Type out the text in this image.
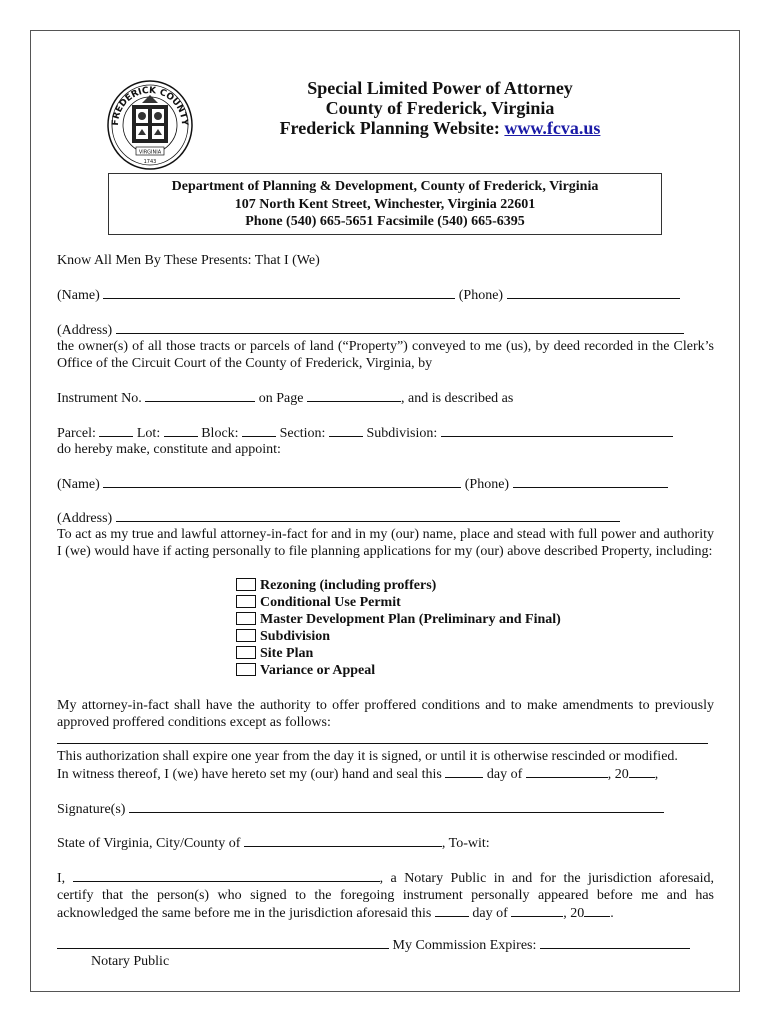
FREDERICK COUNTY
VIRGINIA
1743
Special Limited Power of Attorney
County of Frederick, Virginia
Frederick Planning Website: www.fcva.us
Department of Planning & Development, County of Frederick, Virginia
107 North Kent Street, Winchester, Virginia 22601
Phone (540) 665-5651 Facsimile (540) 665-6395
Know All Men By These Presents: That I (We)
(Name)	(Phone)
(Address)
the owner(s) of all those tracts or parcels of land (“Property”) conveyed to me (us), by deed recorded in the Clerk’s Office of the Circuit Court of the County of Frederick, Virginia, by
Instrument No.	on Page	, and is described as
Parcel:	Lot:	Block:	Section:	Subdivision:
do hereby make, constitute and appoint:
(Name)	(Phone)
(Address)
To act as my true and lawful attorney-in-fact for and in my (our) name, place and stead with full power and authority I (we) would have if acting personally to file planning applications for my (our) above described Property, including:
Rezoning (including proffers)
Conditional Use Permit
Master Development Plan (Preliminary and Final)
Subdivision
Site Plan
Variance or Appeal
My attorney-in-fact shall have the authority to offer proffered conditions and to make amendments to previously approved proffered conditions except as follows:
This authorization shall expire one year from the day it is signed, or until it is otherwise rescinded or modified.
In witness thereof, I (we) have hereto set my (our) hand and seal this	day of	, 20 ,
Signature(s)
State of Virginia, City/County of	, To-wit:
I,	, a Notary Public in and for the jurisdiction aforesaid, certify that the person(s) who signed to the foregoing instrument personally appeared before me and has acknowledged the same before me in the jurisdiction aforesaid this	day of	, 20 .
My Commission Expires:
Notary Public
